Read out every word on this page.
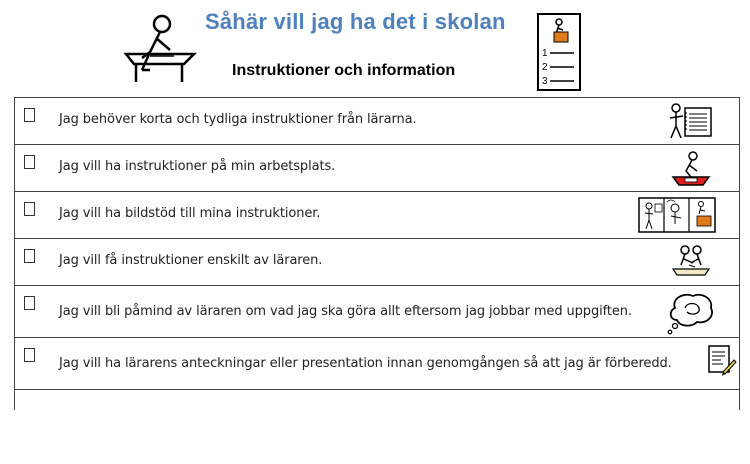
Såhär vill jag ha det i skolan
Instruktioner och information
1
2
3
Jag behöver korta och tydliga instruktioner från lärarna.
Jag vill ha instruktioner på min arbetsplats.
Jag vill ha bildstöd till mina instruktioner.
Jag vill få instruktioner enskilt av läraren.
Jag vill bli påmind av läraren om vad jag ska göra allt eftersom jag jobbar med uppgiften.
Jag vill ha lärarens anteckningar eller presentation innan genomgången så att jag är förberedd.
